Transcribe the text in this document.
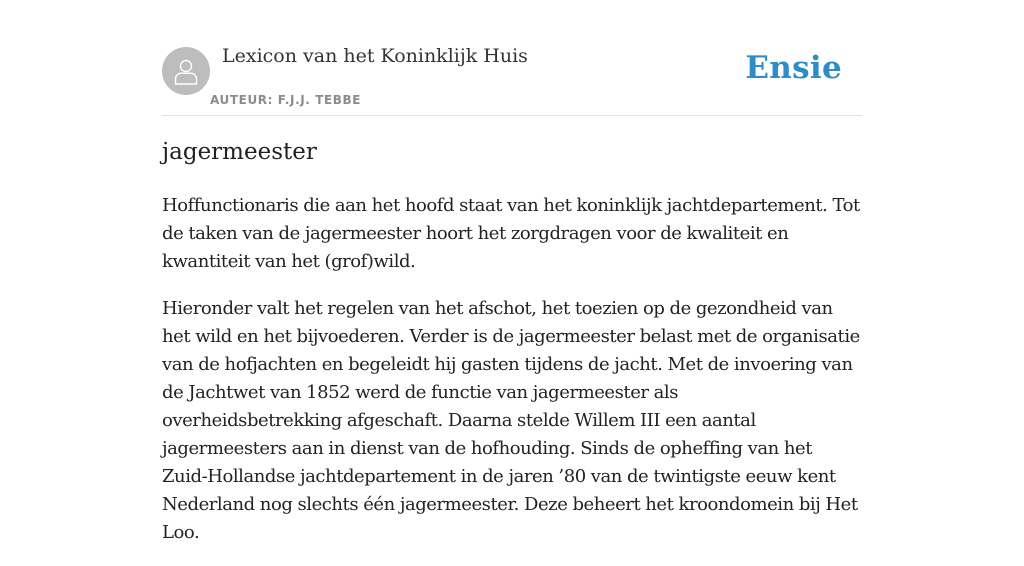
Lexicon van het Koninklijk Huis
AUTEUR: F.J.J. TEBBE
Ensie
jagermeester

Hoffunctionaris die aan het hoofd staat van het koninklijk jachtdepartement. Tot de taken van de jagermeester hoort het zorgdragen voor de kwaliteit en kwantiteit van het (grof)wild.

Hieronder valt het regelen van het afschot, het toezien op de gezondheid van het wild en het bijvoederen. Verder is de jagermeester belast met de organisatie van de hofjachten en begeleidt hij gasten tijdens de jacht. Met de invoering van de Jachtwet van 1852 werd de functie van jagermeester als overheidsbetrekking afgeschaft. Daarna stelde Willem III een aantal jagermeesters aan in dienst van de hofhouding. Sinds de opheffing van het Zuid-Hollandse jachtdepartement in de jaren ’80 van de twintigste eeuw kent Nederland nog slechts één jagermeester. Deze beheert het kroondomein bij Het Loo.
